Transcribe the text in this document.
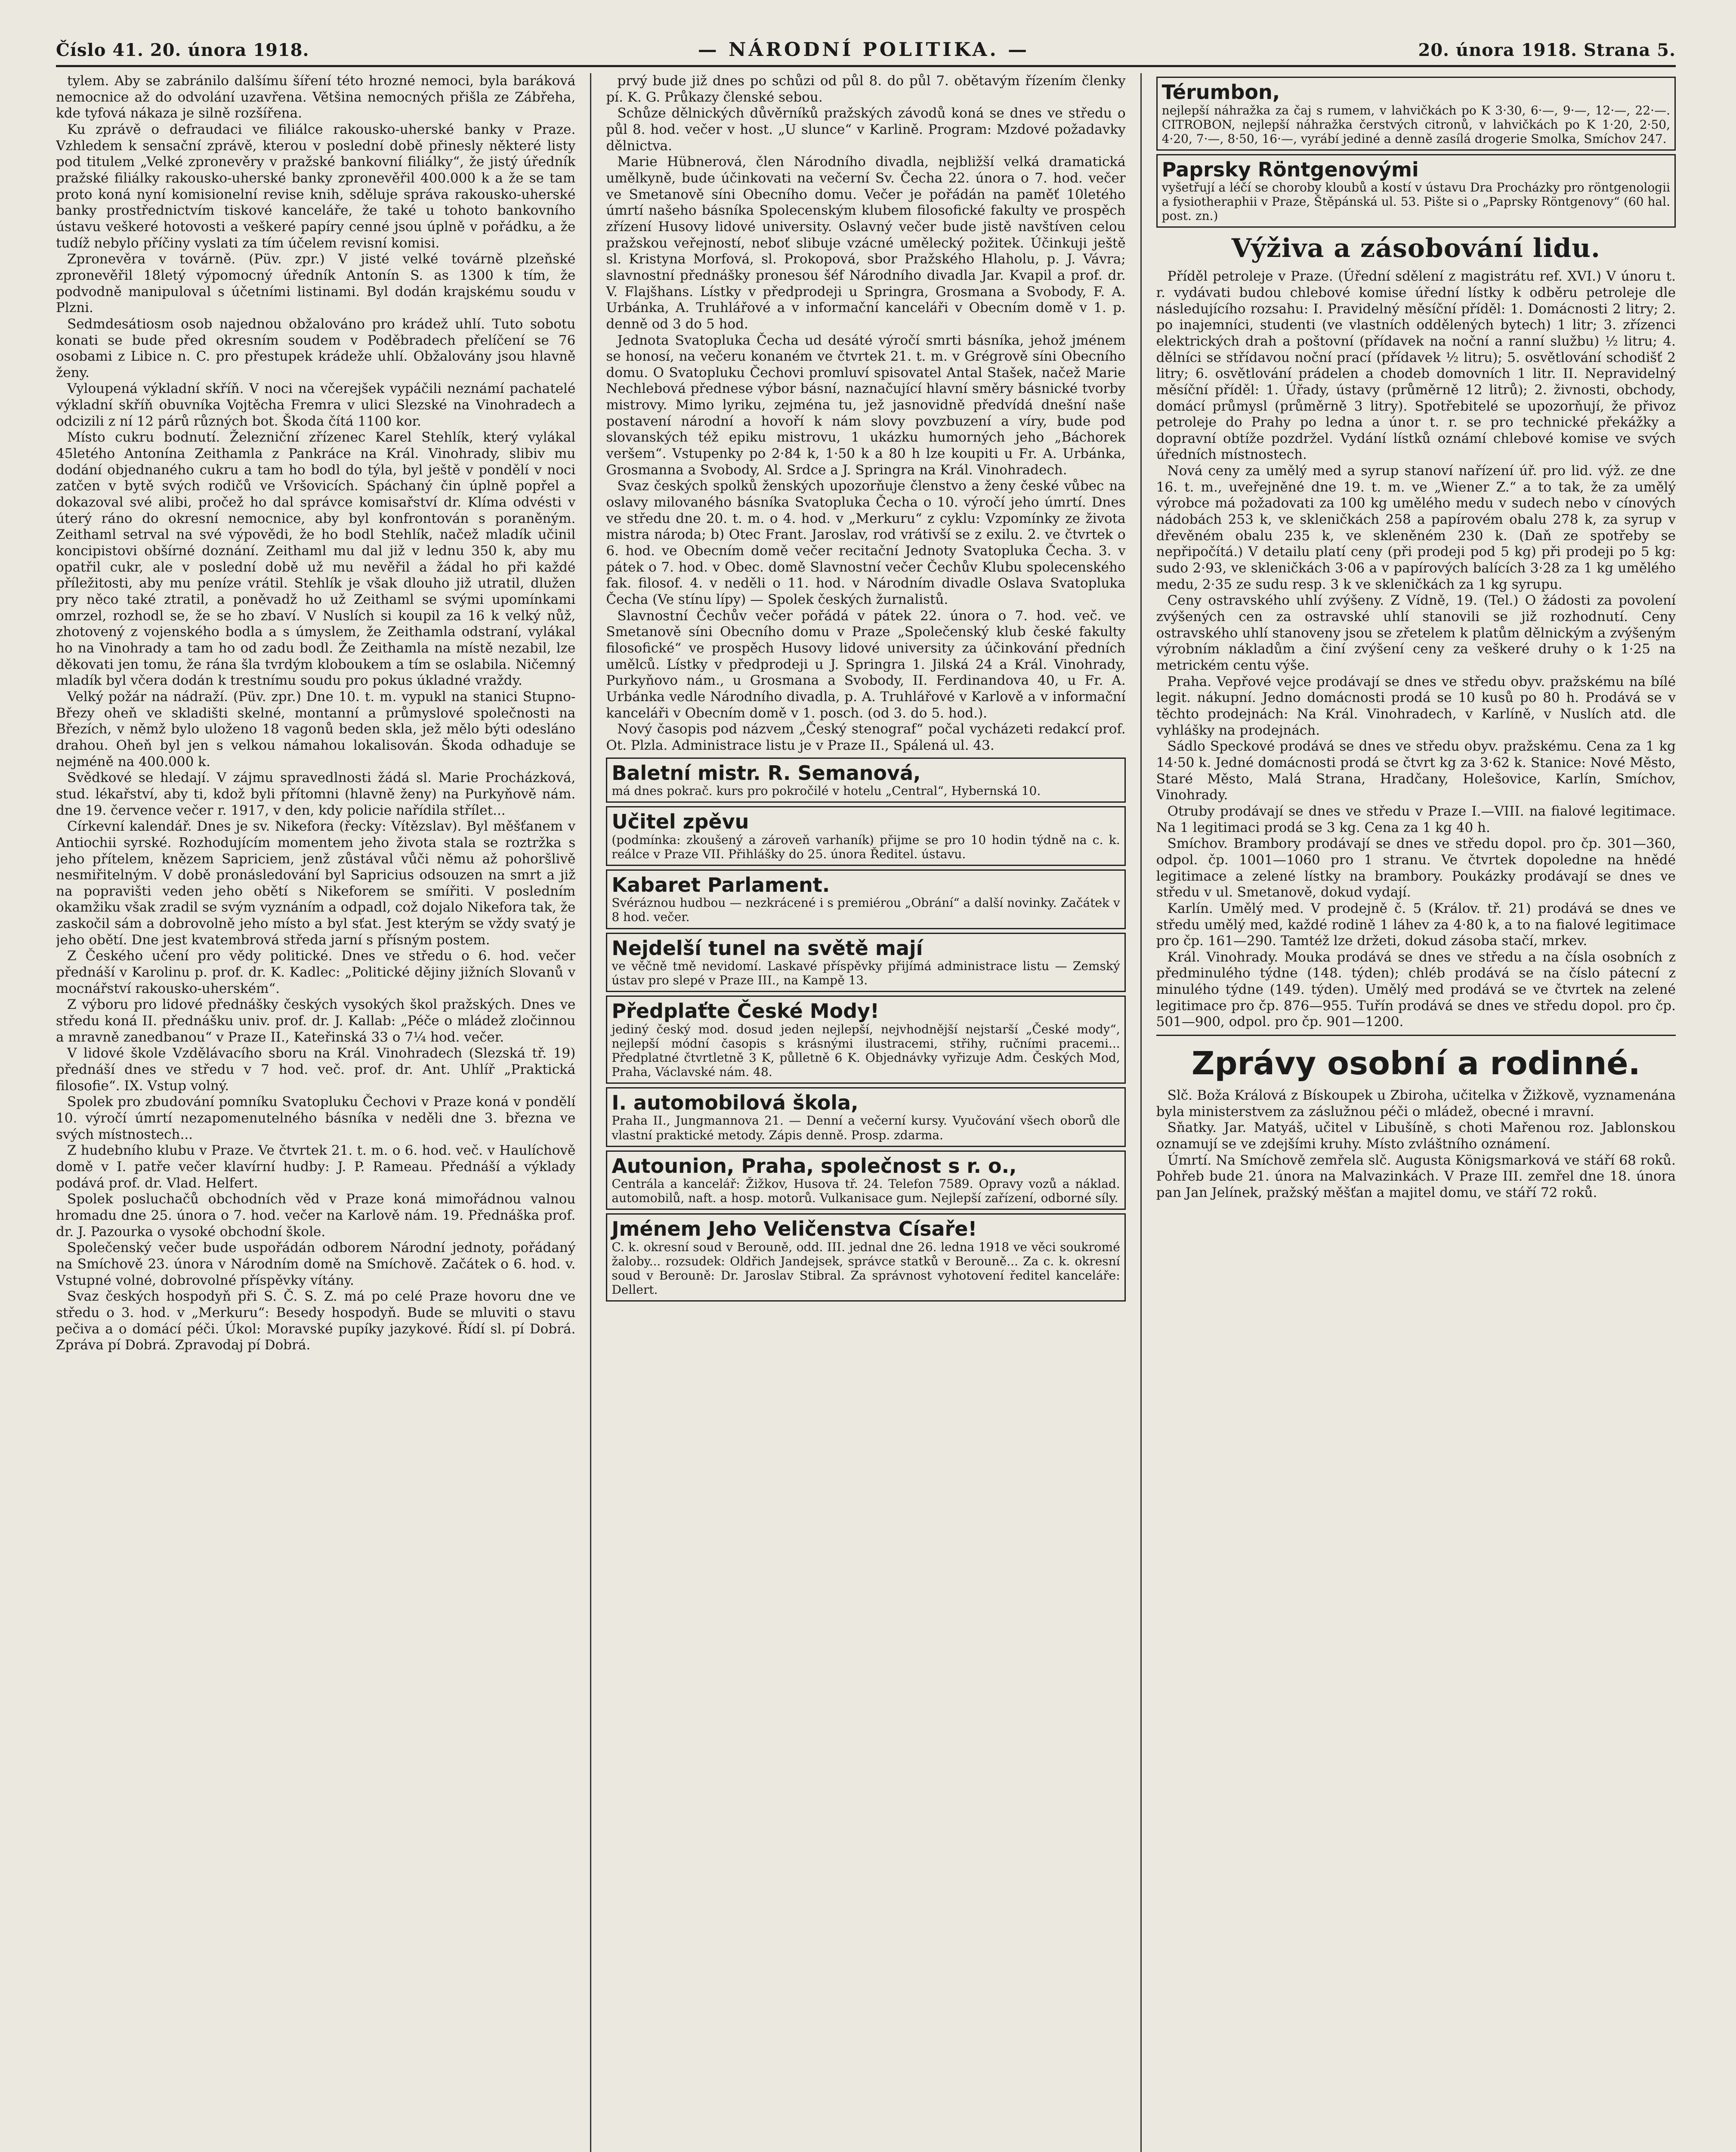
Číslo 41. 20. února 1918.	— NÁRODNÍ POLITIKA. —	20. února 1918. Strana 5.

tylem. Aby se zabránilo dalšímu šíření této hrozné nemoci, byla baráková nemocnice až do odvolání uzavřena. Většina nemocných přišla ze Zábřeha, kde tyfová nákaza je silně rozšířena.

Ku zprávě o defraudaci ve filiálce rakousko-uherské banky v Praze. Vzhledem k sensační zprávě, kterou v poslední době přinesly některé listy pod titulem „Velké zpronevěry v pražské bankovní filiálky“, že jistý úředník pražské filiálky rakousko-uherské banky zpronevěřil 400.000 k a že se tam proto koná nyní komisionelní revise knih, sděluje správa rakousko-uherské banky prostřednictvím tiskové kanceláře, že také u tohoto bankovního ústavu veškeré hotovosti a veškeré papíry cenné jsou úplně v pořádku, a že tudíž nebylo příčiny vyslati za tím účelem revisní komisi.

Zpronevěra v továrně. (Püv. zpr.) V jisté velké továrně plzeňské zpronevěřil 18letý výpomocný úředník Antonín S. as 1300 k tím, že podvodně manipuloval s účetními listinami. Byl dodán krajskému soudu v Plzni.

Sedmdesátiosm osob najednou obžalováno pro krádež uhlí. Tuto sobotu konati se bude před okresním soudem v Poděbradech přelíčení se 76 osobami z Libice n. C. pro přestupek krádeže uhlí. Obžalovány jsou hlavně ženy.

Vyloupená výkladní skříň. V noci na včerejšek vypáčili neznámí pachatelé výkladní skříň obuvníka Vojtěcha Fremra v ulici Slezské na Vinohradech a odcizili z ní 12 párů různých bot. Škoda čítá 1100 kor.

Místo cukru bodnutí. Železniční zřízenec Karel Stehlík, který vylákal 45letého Antonína Zeithamla z Pankráce na Král. Vinohrady, slibiv mu dodání objednaného cukru a tam ho bodl do týla, byl ještě v pondělí v noci zatčen v bytě svých rodičů ve Vršovicích. Spáchaný čin úplně popřel a dokazoval své alibi, pročež ho dal správce komisařství dr. Klíma odvésti v úterý ráno do okresní nemocnice, aby byl konfrontován s poraněným. Zeithaml setrval na své výpovědi, že ho bodl Stehlík, načež mladík učinil koncipistovi obšírné doznání. Zeithaml mu dal již v lednu 350 k, aby mu opatřil cukr, ale v poslední době už mu nevěřil a žádal ho při každé příležitosti, aby mu peníze vrátil. Stehlík je však dlouho již utratil, dlužen pry něco také ztratil, a poněvadž ho už Zeithaml se svými upomínkami omrzel, rozhodl se, že se ho zbaví. V Nuslích si koupil za 16 k velký nůž, zhotovený z vojenského bodla a s úmyslem, že Zeithamla odstraní, vylákal ho na Vinohrady a tam ho od zadu bodl. Že Zeithamla na místě nezabil, lze děkovati jen tomu, že rána šla tvrdým kloboukem a tím se oslabila. Ničemný mladík byl včera dodán k trestnímu soudu pro pokus úkladné vraždy.

Velký požár na nádraží. (Püv. zpr.) Dne 10. t. m. vypukl na stanici Stupno-Březy oheň ve skladišti skelné, montanní a průmyslové společnosti na Březích, v němž bylo uloženo 18 vagonů beden skla, jež mělo býti odesláno drahou. Oheň byl jen s velkou námahou lokalisován. Škoda odhaduje se nejméně na 400.000 k.

Svědkové se hledají. V zájmu spravedlnosti žádá sl. Marie Procházková, stud. lékařství, aby ti, kdož byli přítomni (hlavně ženy) na Purkyňově nám. dne 19. července večer r. 1917, v den, kdy policie nařídila střílet...

Církevní kalendář. Dnes je sv. Nikefora (řecky: Vítězslav). Byl měšťanem v Antiochii syrské. Rozhodujícím momentem jeho života stala se roztržka s jeho přítelem, knězem Sapriciem, jenž zůstával vůči němu až pohoršlivě nesmiřitelným. V době pronásledování byl Sapricius odsouzen na smrt a již na popravišti veden jeho obětí s Nikeforem se smířiti. V posledním okamžiku však zradil se svým vyznáním a odpadl, což dojalo Nikefora tak, že zaskočil sám a dobrovolně jeho místo a byl sťat. Jest kterým se vždy svatý je jeho obětí. Dne jest kvatembrová středa jarní s přísným postem.

Z Českého učení pro vědy politické. Dnes ve středu o 6. hod. večer přednáší v Karolinu p. prof. dr. K. Kadlec: „Politické dějiny jižních Slovanů v mocnářství rakousko-uherském“.

Z výboru pro lidové přednášky českých vysokých škol pražských. Dnes ve středu koná II. přednášku univ. prof. dr. J. Kallab: „Péče o mládež zločinnou a mravně zanedbanou“ v Praze II., Kateřinská 33 o 7¼ hod. večer.

V lidové škole Vzdělávacího sboru na Král. Vinohradech (Slezská tř. 19) přednáší dnes ve středu v 7 hod. več. prof. dr. Ant. Uhlíř „Praktická filosofie“. IX. Vstup volný.

Spolek pro zbudování pomníku Svatopluku Čechovi v Praze koná v pondělí 10. výročí úmrtí nezapomenutelného básníka v neděli dne 3. března ve svých místnostech...

Z hudebního klubu v Praze. Ve čtvrtek 21. t. m. o 6. hod. več. v Haulíchově domě v I. patře večer klavírní hudby: J. P. Rameau. Přednáší a výklady podává prof. dr. Vlad. Helfert.

Spolek posluchačů obchodních věd v Praze koná mimořádnou valnou hromadu dne 25. února o 7. hod. večer na Karlově nám. 19. Přednáška prof. dr. J. Pazourka o vysoké obchodní škole.

Společenský večer bude uspořádán odborem Národní jednoty, pořádaný na Smíchově 23. února v Národním domě na Smíchově. Začátek o 6. hod. v. Vstupné volné, dobrovolné příspěvky vítány.

Svaz českých hospodyň při S. Č. S. Z. má po celé Praze hovoru dne ve středu o 3. hod. v „Merkuru“: Besedy hospodyň. Bude se mluviti o stavu pečiva a o domácí péči. Úkol: Moravské pupíky jazykové. Řídí sl. pí Dobrá. Zpráva pí Dobrá. Zpravodaj pí Dobrá.

prvý bude již dnes po schůzi od půl 8. do půl 7. obětavým řízením členky pí. K. G. Průkazy členské sebou.

Schůze dělnických důvěrníků pražských závodů koná se dnes ve středu o půl 8. hod. večer v host. „U slunce“ v Karlině. Program: Mzdové požadavky dělnictva.

Marie Hübnerová, člen Národního divadla, nejbližší velká dramatická umělkyně, bude účinkovati na večerní Sv. Čecha 22. února o 7. hod. večer ve Smetanově síni Obecního domu. Večer je pořádán na paměť 10letého úmrtí našeho básníka Spolecenským klubem filosofické fakulty ve prospěch zřízení Husovy lidové university. Oslavný večer bude jistě navštíven celou pražskou veřejností, neboť slibuje vzácné umělecký požitek. Účinkuji ještě sl. Kristyna Morfová, sl. Prokopová, sbor Pražského Hlaholu, p. J. Vávra; slavnostní přednášky pronesou šéf Národního divadla Jar. Kvapil a prof. dr. V. Flajšhans. Lístky v předprodeji u Springra, Grosmana a Svobody, F. A. Urbánka, A. Truhlářové a v informační kanceláři v Obecním domě v 1. p. denně od 3 do 5 hod.

Jednota Svatopluka Čecha ud desáté výročí smrti básníka, jehož jménem se honosí, na večeru konaném ve čtvrtek 21. t. m. v Grégrově síni Obecního domu. O Svatopluku Čechovi promluví spisovatel Antal Stašek, načež Marie Nechlebová přednese výbor básní, naznačující hlavní směry básnické tvorby mistrovy. Mimo lyriku, zejména tu, jež jasnovidně předvídá dnešní naše postavení národní a hovoří k nám slovy povzbuzení a víry, bude pod slovanských též epiku mistrovu, 1 ukázku humorných jeho „Báchorek veršem“. Vstupenky po 2·84 k, 1·50 k a 80 h lze koupiti u Fr. A. Urbánka, Grosmanna a Svobody, Al. Srdce a J. Springra na Král. Vinohradech.

Svaz českých spolků ženských upozorňuje členstvo a ženy české vůbec na oslavy milovaného básníka Svatopluka Čecha o 10. výročí jeho úmrtí. Dnes ve středu dne 20. t. m. o 4. hod. v „Merkuru“ z cyklu: Vzpomínky ze života mistra národa; b) Otec Frant. Jaroslav, rod vrátivší se z exilu. 2. ve čtvrtek o 6. hod. ve Obecním domě večer recitační Jednoty Svatopluka Čecha. 3. v pátek o 7. hod. v Obec. domě Slavnostní večer Čechův Klubu spolecenského fak. filosof. 4. v neděli o 11. hod. v Národním divadle Oslava Svatopluka Čecha (Ve stínu lípy) — Spolek českých žurnalistů.

Slavnostní Čechův večer pořádá v pátek 22. února o 7. hod. več. ve Smetanově síni Obecního domu v Praze „Společenský klub české fakulty filosofické“ ve prospěch Husovy lidové university za účinkování předních umělců. Lístky v předprodeji u J. Springra 1. Jilská 24 a Král. Vinohrady, Purkyňovo nám., u Grosmana a Svobody, II. Ferdinandova 40, u Fr. A. Urbánka vedle Národního divadla, p. A. Truhlářové v Karlově a v informační kanceláři v Obecním domě v 1. posch. (od 3. do 5. hod.).

Nový časopis pod názvem „Český stenograf“ počal vycházeti redakcí prof. Ot. Plzla. Administrace listu je v Praze II., Spálená ul. 43.

Baletní mistr. R. Semanová,
má dnes pokrač. kurs pro pokročilé v hotelu „Central“, Hybernská 10.
Učitel zpěvu
(podmínka: zkoušený a zároveň varhaník) přijme se pro 10 hodin týdně na c. k. reálce v Praze VII. Přihlášky do 25. února Ředitel. ústavu.
Kabaret Parlament.
Svéráznou hudbou — nezkrácené i s premiérou „Obrání“ a další novinky. Začátek v 8 hod. večer.
Nejdelší tunel na světě mají
ve věčně tmě nevidomí. Laskavé příspěvky přijímá administrace listu — Zemský ústav pro slepé v Praze III., na Kampě 13.
Předplaťte České Mody!
jediný český mod. dosud jeden nejlepší, nejvhodnější nejstarší „České mody“, nejlepší módní časopis s krásnými ilustracemi, střihy, ručními pracemi... Předplatné čtvrtletně 3 K, půlletně 6 K. Objednávky vyřizuje Adm. Českých Mod, Praha, Václavské nám. 48.
I. automobilová škola,
Praha II., Jungmannova 21. — Denní a večerní kursy. Vyučování všech oborů dle vlastní praktické metody. Zápis denně. Prosp. zdarma.
Autounion, Praha, společnost s r. o.,
Centrála a kancelář: Žižkov, Husova tř. 24. Telefon 7589. Opravy vozů a náklad. automobilů, naft. a hosp. motorů. Vulkanisace gum. Nejlepší zařízení, odborné síly.
Jménem Jeho Veličenstva Císaře!
C. k. okresní soud v Berouně, odd. III. jednal dne 26. ledna 1918 ve věci soukromé žaloby... rozsudek: Oldřich Jandejsek, správce statků v Berouně... Za c. k. okresní soud v Berouně: Dr. Jaroslav Stibral. Za správnost vyhotovení ředitel kanceláře: Dellert.
Térumbon,
nejlepší náhražka za čaj s rumem, v lahvičkách po K 3·30, 6·—, 9·—, 12·—, 22·—. CITROBON, nejlepší náhražka čerstvých citronů, v lahvičkách po K 1·20, 2·50, 4·20, 7·—, 8·50, 16·—, vyrábí jediné a denně zasílá drogerie Smolka, Smíchov 247.
Paprsky Röntgenovými
vyšetřují a léčí se choroby kloubů a kostí v ústavu Dra Procházky pro röntgenologii a fysiotheraphii v Praze, Štěpánská ul. 53. Pište si o „Paprsky Röntgenovy“ (60 hal. post. zn.)
Výživa a zásobování lidu.

Příděl petroleje v Praze. (Úřední sdělení z magistrátu ref. XVI.) V únoru t. r. vydávati budou chlebové komise úřední lístky k odběru petroleje dle následujícího rozsahu: I. Pravidelný měsíční příděl: 1. Domácnosti 2 litry; 2. po inajemníci, studenti (ve vlastních oddělených bytech) 1 litr; 3. zřízenci elektrických drah a poštovní (přídavek na noční a ranní službu) ½ litru; 4. dělníci se střídavou noční prací (přídavek ½ litru); 5. osvětlování schodišť 2 litry; 6. osvětlování prádelen a chodeb domovních 1 litr. II. Nepravidelný měsíční příděl: 1. Úřady, ústavy (průměrně 12 litrů); 2. živnosti, obchody, domácí průmysl (průměrně 3 litry). Spotřebitelé se upozorňují, že přivoz petroleje do Prahy po ledna a únor t. r. se pro technické překážky a dopravní obtíže pozdržel. Vydání lístků oznámí chlebové komise ve svých úředních místnostech.

Nová ceny za umělý med a syrup stanoví nařízení úř. pro lid. výž. ze dne 16. t. m., uveřejněné dne 19. t. m. ve „Wiener Z.“ a to tak, že za umělý výrobce má požadovati za 100 kg umělého medu v sudech nebo v cínových nádobách 253 k, ve skleničkách 258 a papírovém obalu 278 k, za syrup v dřevěném obalu 235 k, ve skleněném 230 k. (Daň ze spotřeby se nepřipočítá.) V detailu platí ceny (při prodeji pod 5 kg) při prodeji po 5 kg: sudo 2·93, ve skleničkách 3·06 a v papírových balících 3·28 za 1 kg umělého medu, 2·35 ze sudu resp. 3 k ve skleničkách za 1 kg syrupu.

Ceny ostravského uhlí zvýšeny. Z Vídně, 19. (Tel.) O žádosti za povolení zvýšených cen za ostravské uhlí stanovili se již rozhodnutí. Ceny ostravského uhlí stanoveny jsou se zřetelem k platům dělnickým a zvýšeným výrobním nákladům a činí zvýšení ceny za veškeré druhy o k 1·25 na metrickém centu výše.

Praha. Vepřové vejce prodávají se dnes ve středu obyv. pražskému na bílé legit. nákupní. Jedno domácnosti prodá se 10 kusů po 80 h. Prodává se v těchto prodejnách: Na Král. Vinohradech, v Karlíně, v Nuslích atd. dle vyhlášky na prodejnách.

Sádlo Speckové prodává se dnes ve středu obyv. pražskému. Cena za 1 kg 14·50 k. Jedné domácnosti prodá se čtvrt kg za 3·62 k. Stanice: Nové Město, Staré Město, Malá Strana, Hradčany, Holešovice, Karlín, Smíchov, Vinohrady.

Otruby prodávají se dnes ve středu v Praze I.—VIII. na fialové legitimace. Na 1 legitimaci prodá se 3 kg. Cena za 1 kg 40 h.

Smíchov. Brambory prodávají se dnes ve středu dopol. pro čp. 301—360, odpol. čp. 1001—1060 pro 1 stranu. Ve čtvrtek dopoledne na hnědé legitimace a zelené lístky na brambory. Poukázky prodávají se dnes ve středu v ul. Smetanově, dokud vydají.

Karlín. Umělý med. V prodejně č. 5 (Králov. tř. 21) prodává se dnes ve středu umělý med, každé rodině 1 láhev za 4·80 k, a to na fialové legitimace pro čp. 161—290. Tamtéž lze držeti, dokud zásoba stačí, mrkev.

Král. Vinohrady. Mouka prodává se dnes ve středu a na čísla osobních z předminulého týdne (148. týden); chléb prodává se na číslo pátecní z minulého týdne (149. týden). Umělý med prodává se ve čtvrtek na zelené legitimace pro čp. 876—955. Tuřín prodává se dnes ve středu dopol. pro čp. 501—900, odpol. pro čp. 901—1200.

Zprávy osobní a rodinné.

Slč. Boža Králová z Bískoupek u Zbiroha, učitelka v Žižkově, vyznamenána byla ministerstvem za záslužnou péči o mládež, obecné i mravní.

Sňatky. Jar. Matyáš, učitel v Libušíně, s choti Mařenou roz. Jablonskou oznamují se ve zdejšími kruhy. Místo zvláštního oznámení.

Úmrtí. Na Smíchově zemřela slč. Augusta Königsmarková ve stáří 68 roků. Pohřeb bude 21. února na Malvazinkách. V Praze III. zemřel dne 18. února pan Jan Jelínek, pražský měšťan a majitel domu, ve stáří 72 roků.
